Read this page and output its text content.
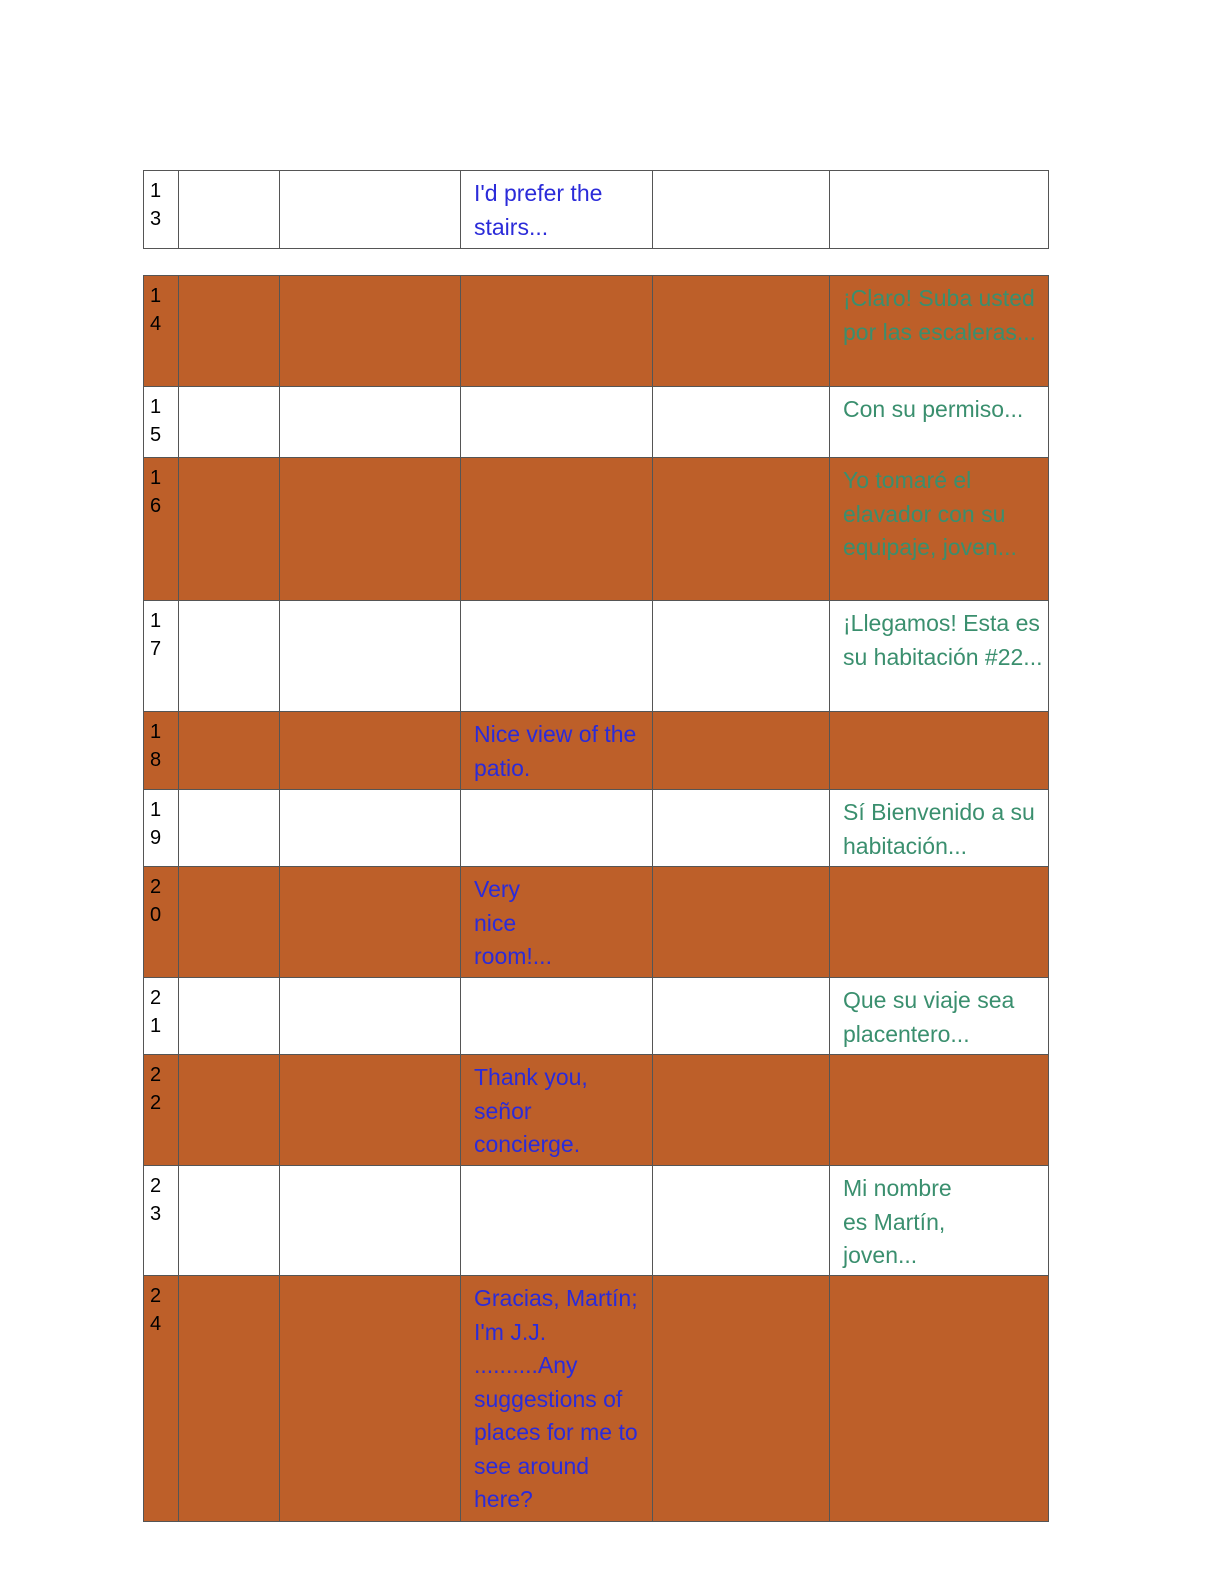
1
3
			I'd prefer the stairs...		
1
4					¡Claro! Suba usted por las escaleras...

1
5					Con su permiso...

1
6					Yo tomaré el elavador con su equipaje, joven...

1
7					¡Llegamos! Esta es su habitación #22...

1
8			Nice view of the patio.		

1
9					Sí Bienvenido a su habitación...

2
0			Very nice room!...		

2
1					Que su viaje sea placentero...

2
2			Thank you, señor concierge.		

2
3					Mi nombre es Martín, joven...

2
4			Gracias, Martín; I'm J.J. ..........Any suggestions of places for me to see around here?		
